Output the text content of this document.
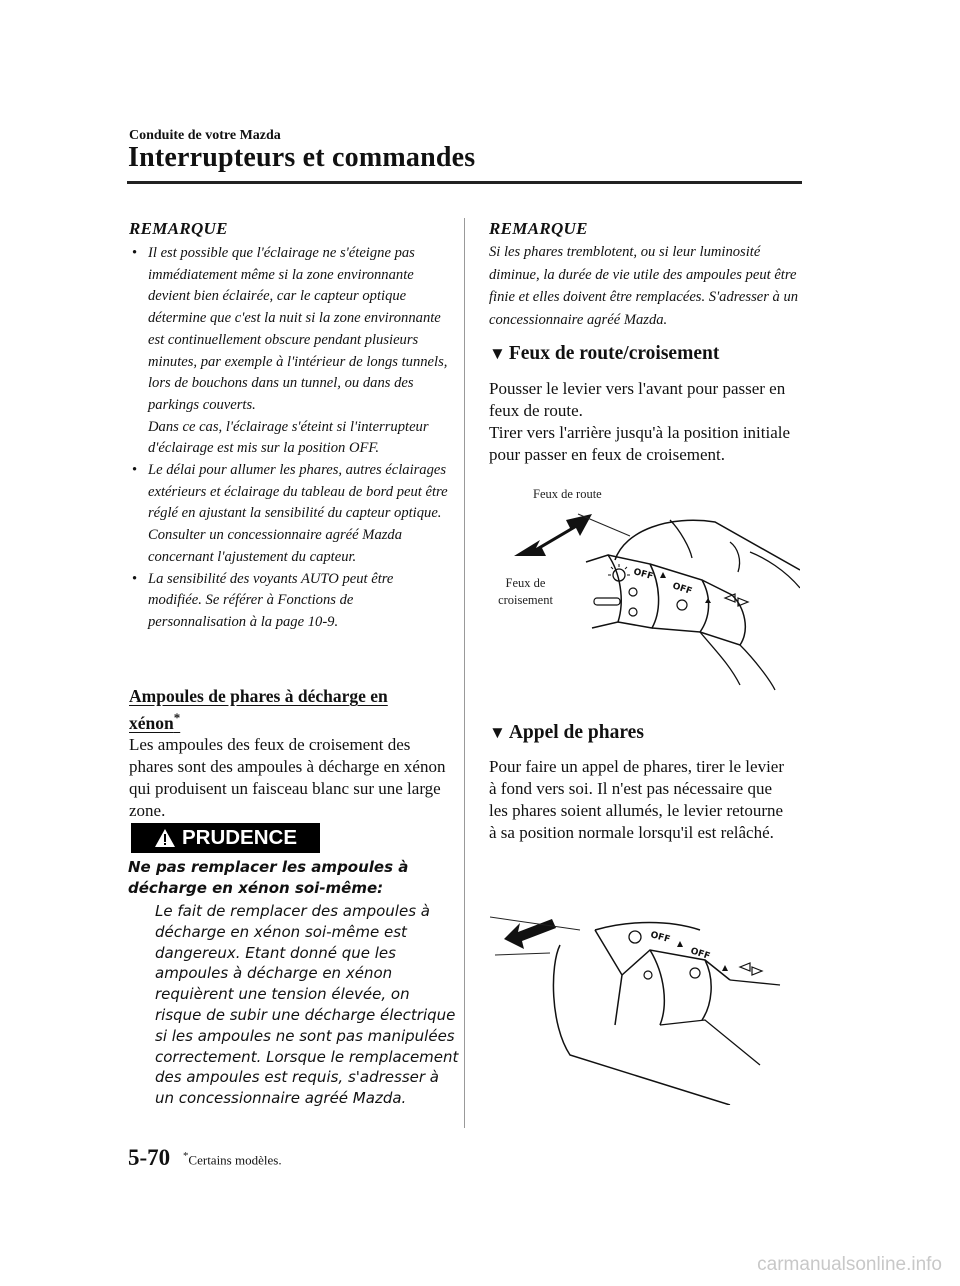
Conduite de votre Mazda
Interrupteurs et commandes
REMARQUE
• Il est possible que l'éclairage ne s'éteigne pas immédiatement même si la zone environnante devient bien éclairée, car le capteur optique détermine que c'est la nuit si la zone environnante est continuellement obscure pendant plusieurs minutes, par exemple à l'intérieur de longs tunnels, lors de bouchons dans un tunnel, ou dans des parkings couverts.
Dans ce cas, l'éclairage s'éteint si l'interrupteur d'éclairage est mis sur la position OFF.
• Le délai pour allumer les phares, autres éclairages extérieurs et éclairage du tableau de bord peut être réglé en ajustant la sensibilité du capteur optique. Consulter un concessionnaire agréé Mazda concernant l'ajustement du capteur.
• La sensibilité des voyants AUTO peut être modifiée. Se référer à Fonctions de personnalisation à la page 10-9.
Ampoules de phares à décharge en xénon*
Les ampoules des feux de croisement des phares sont des ampoules à décharge en xénon qui produisent un faisceau blanc sur une large zone.
PRUDENCE
Ne pas remplacer les ampoules à décharge en xénon soi-même:
Le fait de remplacer des ampoules à décharge en xénon soi-même est dangereux. Etant donné que les ampoules à décharge en xénon requièrent une tension élevée, on risque de subir une décharge électrique si les ampoules ne sont pas manipulées correctement. Lorsque le remplacement des ampoules est requis, s'adresser à un concessionnaire agréé Mazda.
REMARQUE
Si les phares tremblotent, ou si leur luminosité diminue, la durée de vie utile des ampoules peut être finie et elles doivent être remplacées. S'adresser à un concessionnaire agréé Mazda.
▼ Feux de route/croisement
Pousser le levier vers l'avant pour passer en feux de route.
Tirer vers l'arrière jusqu'à la position initiale pour passer en feux de croisement.
Feux de route
Feux de
croisement
OFF
OFF
▼ Appel de phares
Pour faire un appel de phares, tirer le levier à fond vers soi. Il n'est pas nécessaire que les phares soient allumés, le levier retourne à sa position normale lorsqu'il est relâché.
OFF
OFF
5-70 *Certains modèles.
carmanualsonline.info
